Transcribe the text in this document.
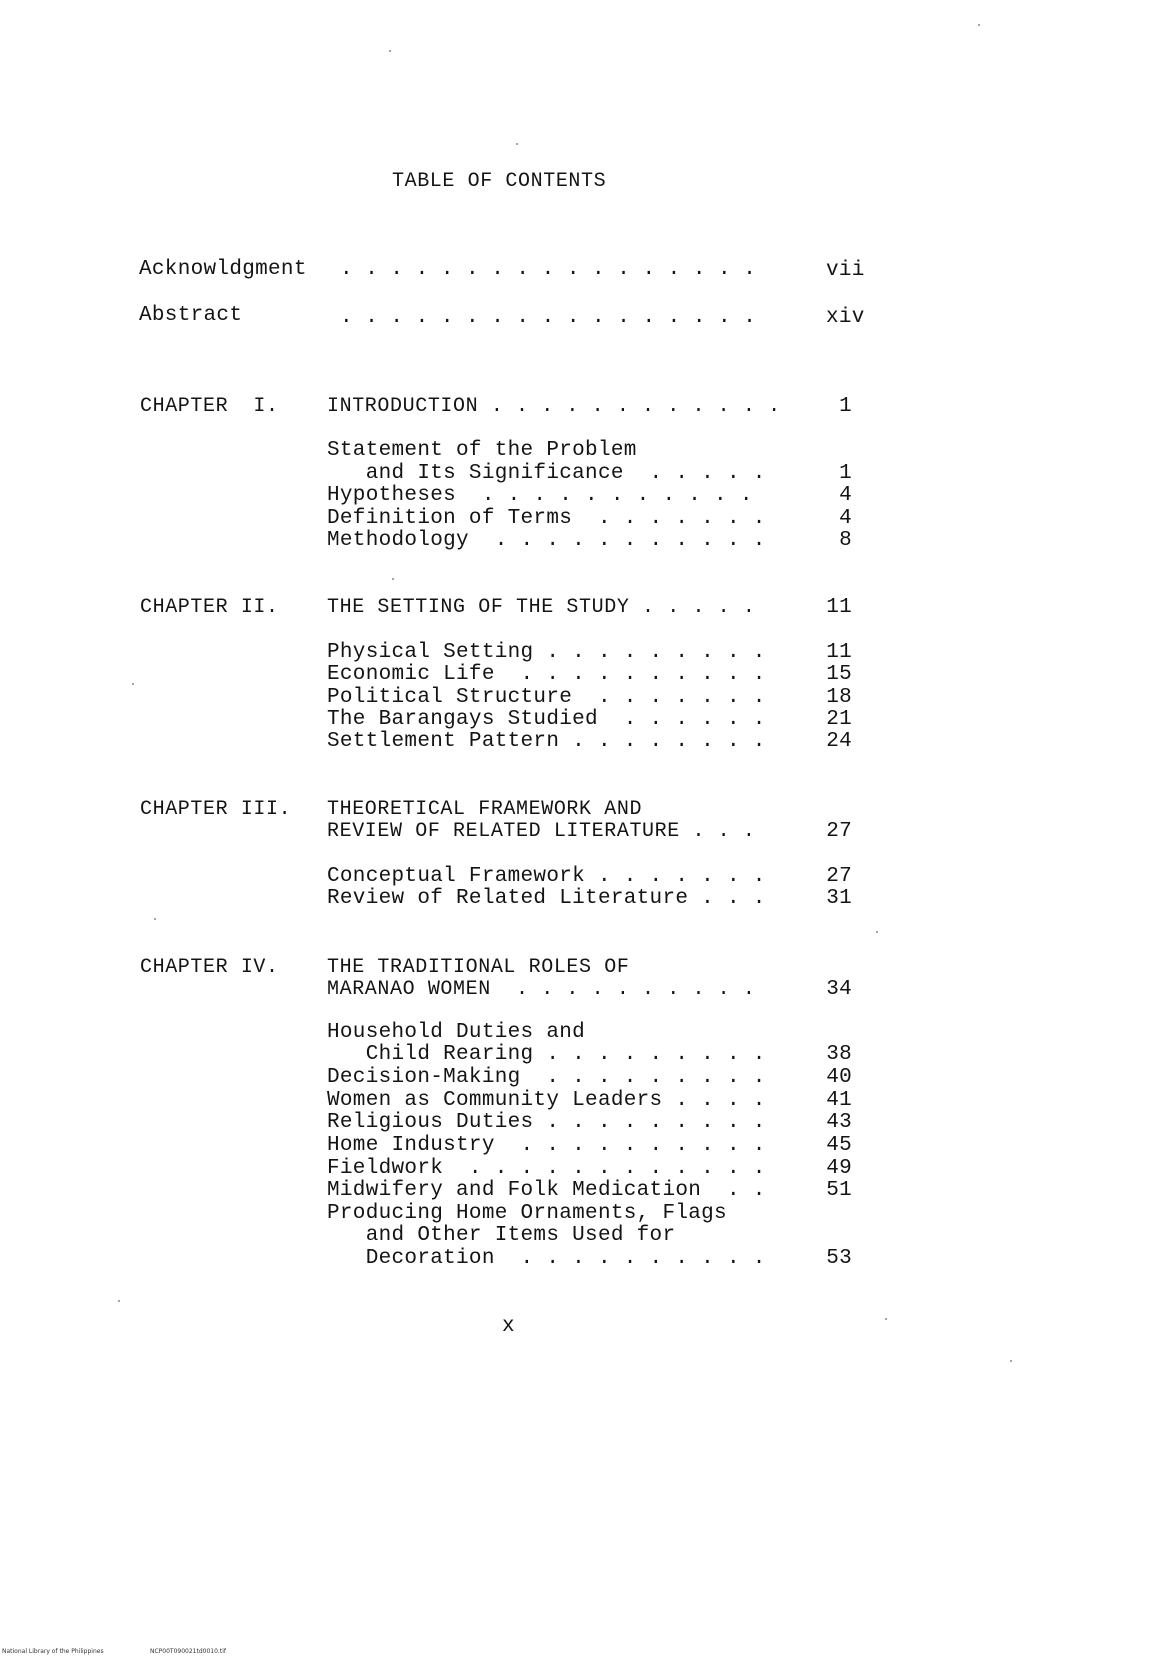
TABLE OF CONTENTS
Acknowldgment . . . . . . . . . . . . . . . . .	vii
Abstract	. . . . . . . . . . . . . . . . .	xiv
CHAPTER  I. INTRODUCTION . . . . . . . . . . . .	1
Statement of the Problem
and Its Significance  . . . . .	1
Hypotheses  . . . . . . . . . . .	4
Definition of Terms  . . . . . . .	4
Methodology  . . . . . . . . . . .	8
CHAPTER II. THE SETTING OF THE STUDY . . . . .	11
Physical Setting . . . . . . . . .	11
Economic Life  . . . . . . . . . .	15
Political Structure  . . . . . . .	18
The Barangays Studied  . . . . . .	21
Settlement Pattern . . . . . . . .	24
CHAPTER III. THEORETICAL FRAMEWORK AND
REVIEW OF RELATED LITERATURE . . .	27
Conceptual Framework . . . . . . .	27
Review of Related Literature . . .	31
CHAPTER IV. THE TRADITIONAL ROLES OF
MARANAO WOMEN  . . . . . . . . . .	34
Household Duties and
Child Rearing . . . . . . . . .	38
Decision-Making  . . . . . . . . .	40
Women as Community Leaders . . . .	41
Religious Duties . . . . . . . . .	43
Home Industry  . . . . . . . . . .	45
Fieldwork  . . . . . . . . . . . .	49
Midwifery and Folk Medication  . .	51
Producing Home Ornaments, Flags
and Other Items Used for
Decoration  . . . . . . . . . .	53
x
National Library of the Philippines	NCP00T090021td0010.tif
